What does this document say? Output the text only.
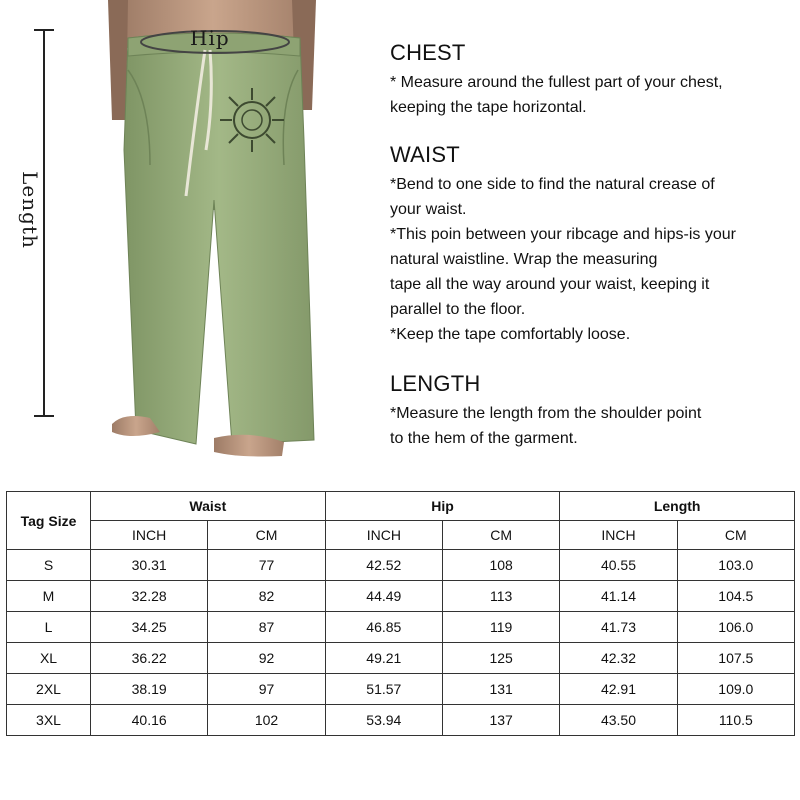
Hip
Length
CHEST
* Measure around the fullest part of your chest,
keeping the tape horizontal.
WAIST
*Bend to one side to find the natural crease of
your waist.
*This poin between your ribcage and hips-is your
natural waistline. Wrap the measuring
tape all the way around your waist, keeping it
parallel to the floor.
*Keep the tape comfortably loose.
LENGTH
*Measure the length from the shoulder point
to the hem of the garment.
Tag Size	Waist		Hip		Length	
	INCH	CM	INCH	CM	INCH	CM
S	30.31	77	42.52	108	40.55	103.0
M	32.28	82	44.49	113	41.14	104.5
L	34.25	87	46.85	119	41.73	106.0
XL	36.22	92	49.21	125	42.32	107.5
2XL	38.19	97	51.57	131	42.91	109.0
3XL	40.16	102	53.94	137	43.50	110.5
